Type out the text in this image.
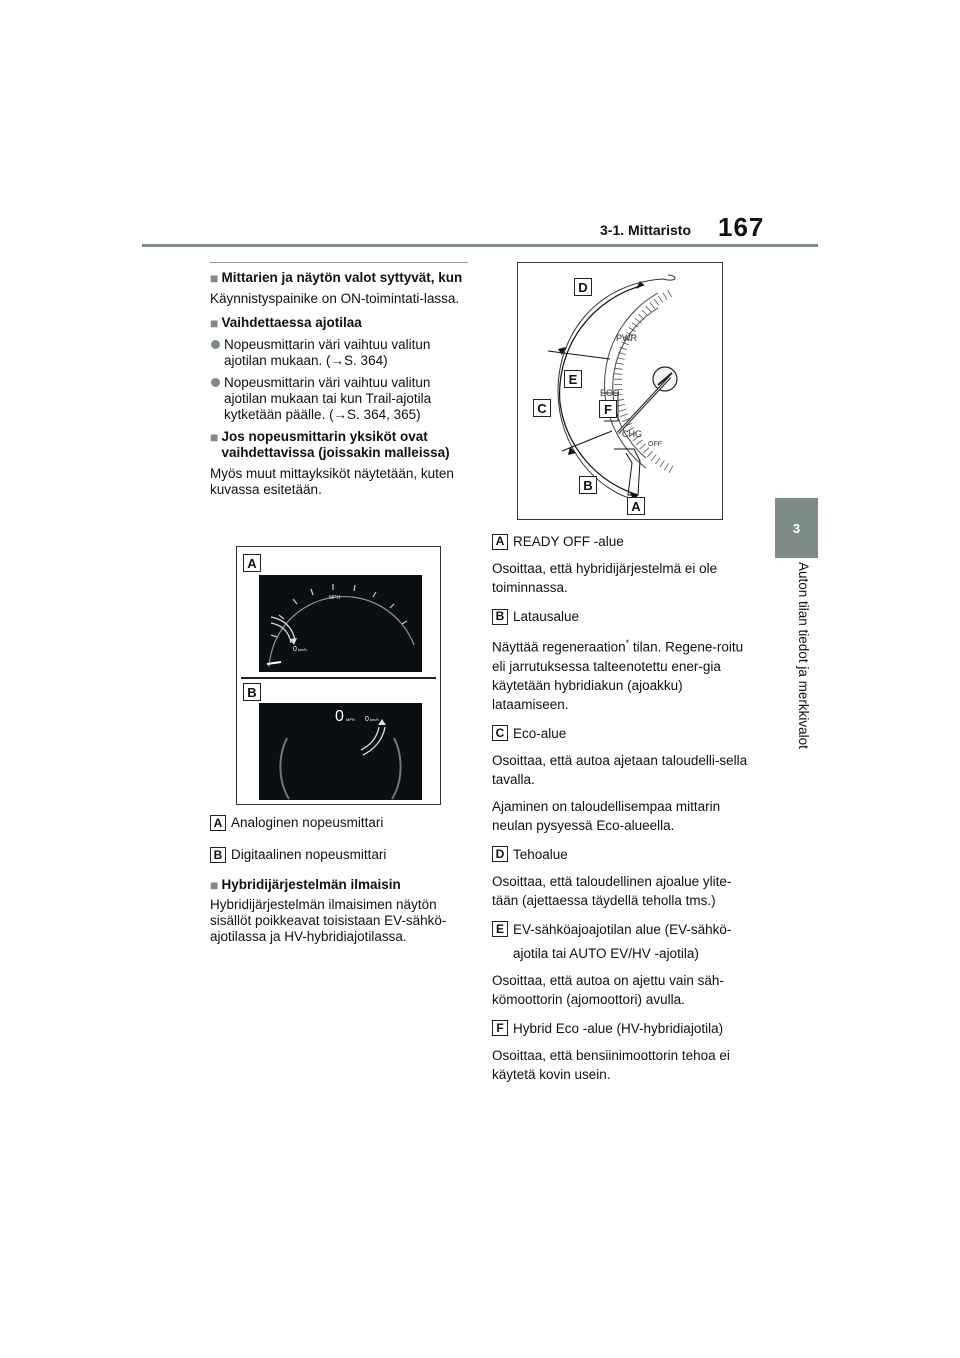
3-1. Mittaristo 167
3
Auton tilan tiedot ja merkkivalot
■ Mittarien ja näytön valot syttyvät, kun

Käynnistyspainike on ON-toimintati-lassa.

■ Vaihdettaessa ajotilaa
Nopeusmittarin väri vaihtuu valitun ajotilan mukaan. (→S. 364)
Nopeusmittarin väri vaihtuu valitun ajotilan mukaan tai kun Trail-ajotila kytketään päälle. (→S. 364, 365)
■ Jos nopeusmittarin yksiköt ovat vaihdettavissa (joissakin malleissa)

Myös muut mittayksiköt näytetään, kuten kuvassa esitetään.

A
B
MPH
0 km/h
0 MPH 0 km/h
A Analoginen nopeusmittari
B Digitaalinen nopeusmittari
■ Hybridijärjestelmän ilmaisin

Hybridijärjestelmän ilmaisimen näytön sisällöt poikkeavat toisistaan EV-sähkö-ajotilassa ja HV-hybridiajotilassa.

PWR
ECO
CHG
OFF
D
E
C	F
B
A
A READY OFF -alue

Osoittaa, että hybridijärjestelmä ei ole toiminnassa.

B Latausalue

Näyttää regeneraation* tilan. Regene-roitu eli jarrutuksessa talteenotettu ener-gia käytetään hybridiakun (ajoakku) lataamiseen.

C Eco-alue

Osoittaa, että autoa ajetaan taloudelli-sella tavalla.

Ajaminen on taloudellisempaa mittarin neulan pysyessä Eco-alueella.

D Tehoalue

Osoittaa, että taloudellinen ajoalue ylite-tään (ajettaessa täydellä teholla tms.)

E EV-sähköajoajotilan alue (EV-sähkö-

ajotila tai AUTO EV/HV -ajotila)

Osoittaa, että autoa on ajettu vain säh-kömoottorin (ajomoottori) avulla.

F Hybrid Eco -alue (HV-hybridiajotila)

Osoittaa, että bensiinimoottorin tehoa ei käytetä kovin usein.
